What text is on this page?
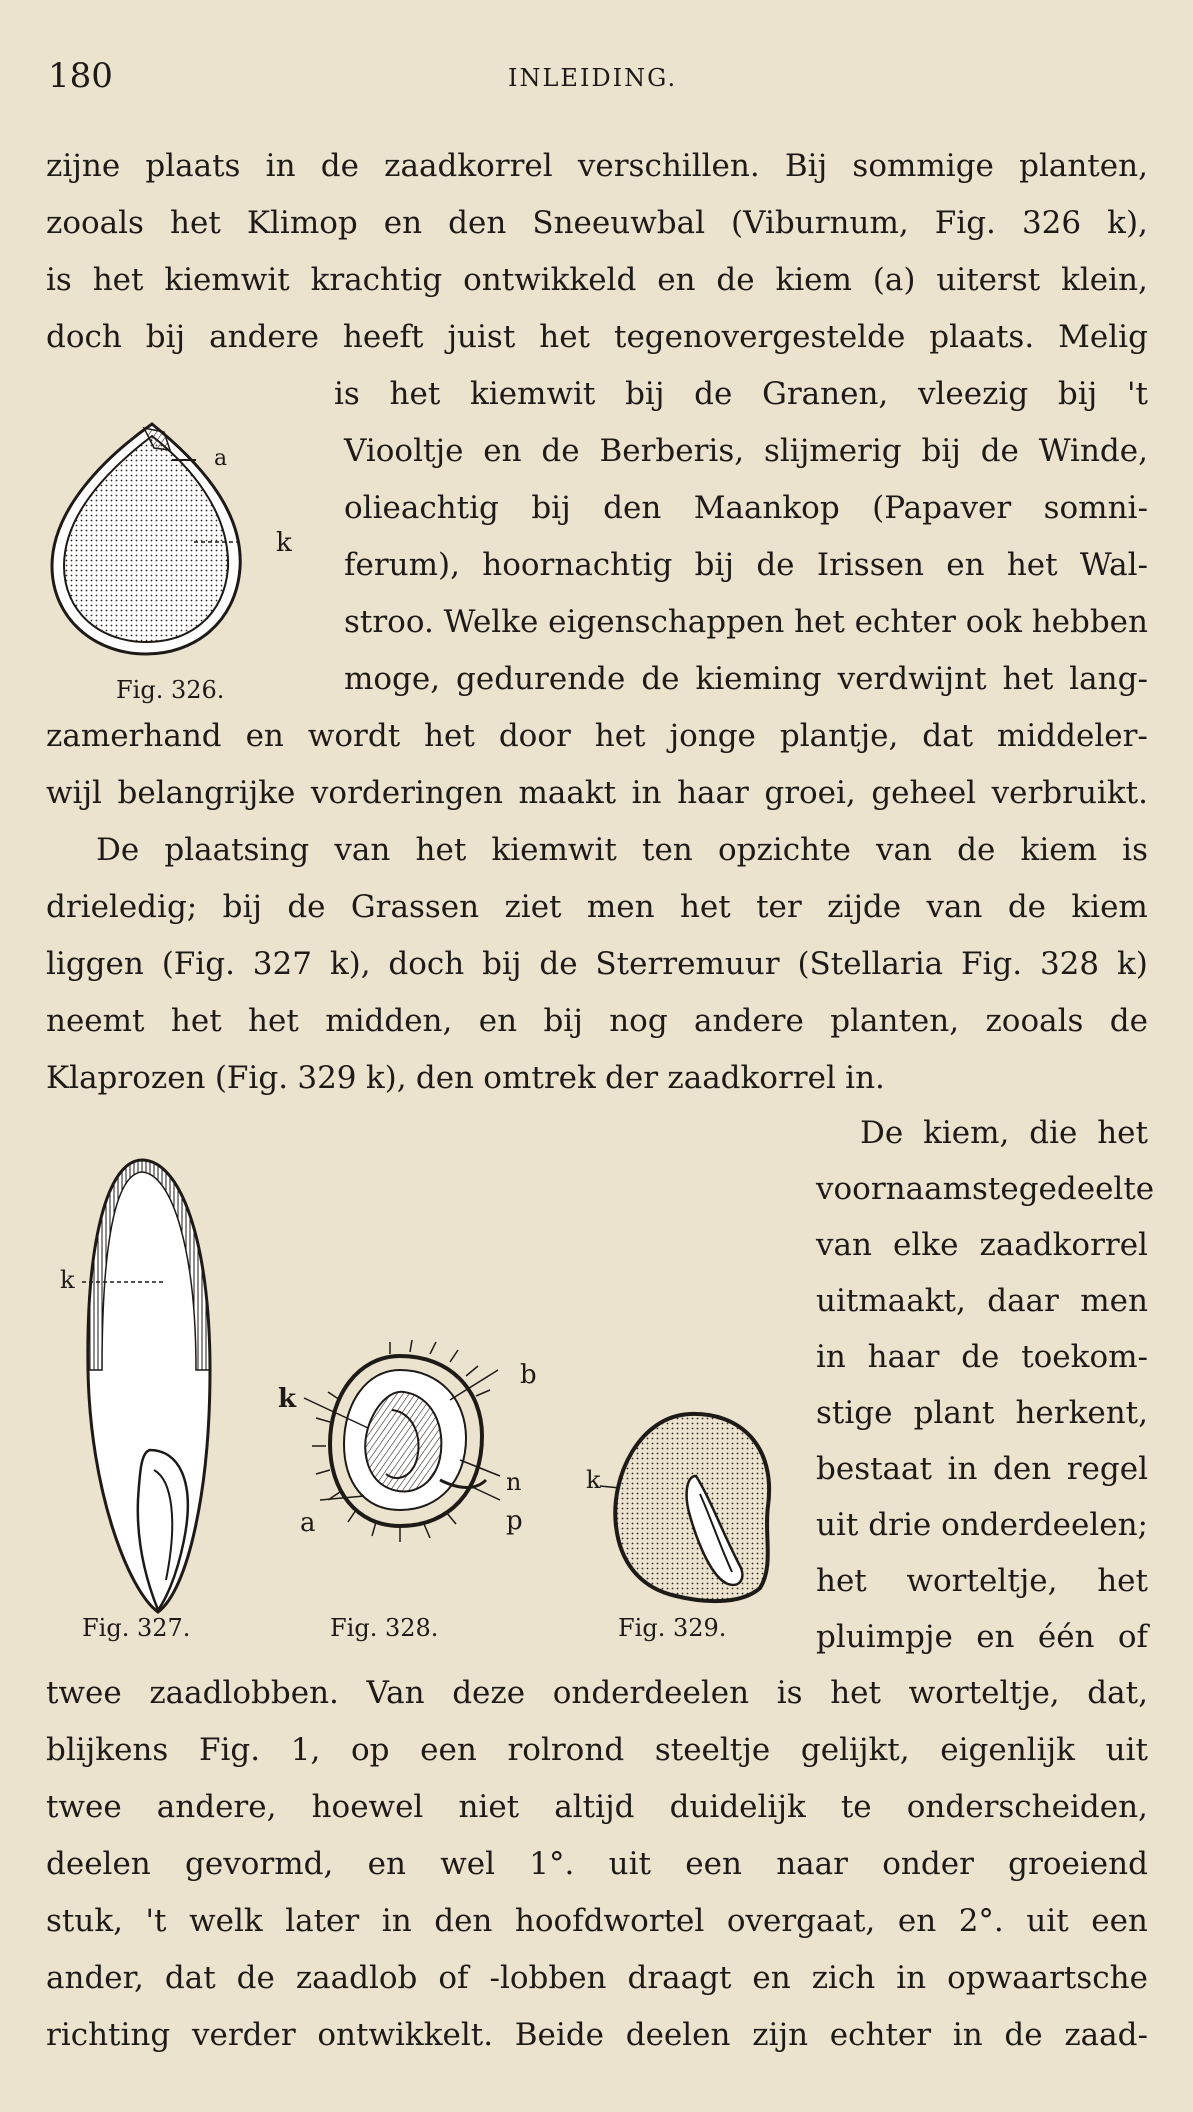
180	INLEIDING.
zijne plaats in de zaadkorrel verschillen. Bij sommige planten,
zooals het Klimop en den Sneeuwbal (Viburnum, Fig. 326 k),
is het kiemwit krachtig ontwikkeld en de kiem (a) uiterst klein,
doch bij andere heeft juist het tegenovergestelde plaats. Melig
is het kiemwit bij de Granen, vleezig bij 't
Viooltje en de Berberis, slijmerig bij de Winde,
olieachtig bij den Maankop (Papaver somni-
ferum), hoornachtig bij de Irissen en het Wal-
stroo. Welke eigenschappen het echter ook hebben
moge, gedurende de kieming verdwijnt het lang-
zamerhand en wordt het door het jonge plantje, dat middeler-
wijl belangrijke vorderingen maakt in haar groei, geheel verbruikt.
De plaatsing van het kiemwit ten opzichte van de kiem is
drieledig; bij de Grassen ziet men het ter zijde van de kiem
liggen (Fig. 327 k), doch bij de Sterremuur (Stellaria Fig. 328 k)
neemt het het midden, en bij nog andere planten, zooals de
Klaprozen (Fig. 329 k), den omtrek der zaadkorrel in.
De kiem, die het
voornaamste gedeelte
van elke zaadkorrel
uitmaakt, daar men
in haar de toekom-
stige plant herkent,
bestaat in den regel
uit drie onderdeelen;
het worteltje, het
pluimpje en één of
twee zaadlobben. Van deze onderdeelen is het worteltje, dat,
blijkens Fig. 1, op een rolrond steeltje gelijkt, eigenlijk uit
twee andere, hoewel niet altijd duidelijk te onderscheiden,
deelen gevormd, en wel 1°. uit een naar onder groeiend
stuk, 't welk later in den hoofdwortel overgaat, en 2°. uit een
ander, dat de zaadlob of -lobben draagt en zich in opwaartsche
richting verder ontwikkelt. Beide deelen zijn echter in de zaad-
a
k
Fig. 326.
k
Fig. 327.
k
b
n
a	p
Fig. 328.
k
Fig. 329.
